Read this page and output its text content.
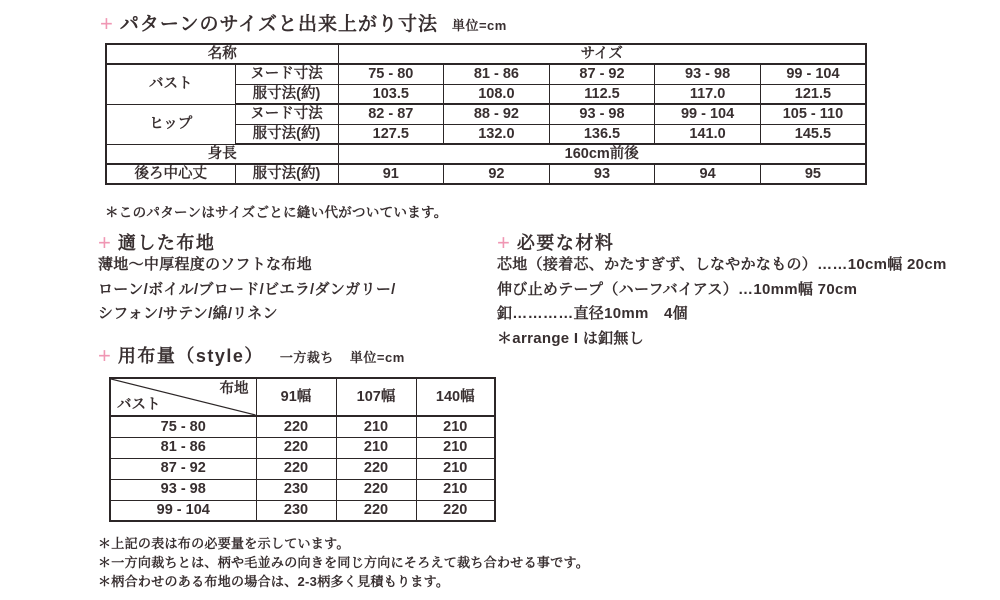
+ パターンのサイズと出来上がり寸法 単位=cm
名称		サイズ				
バスト	ヌード寸法	75 - 80	81 - 86	87 - 92	93 - 98	99 - 104
	服寸法(約)	103.5	108.0	112.5	117.0	121.5
ヒップ	ヌード寸法	82 - 87	88 - 92	93 - 98	99 - 104	105 - 110
	服寸法(約)	127.5	132.0	136.5	141.0	145.5
身長		160cm前後				
後ろ中心丈	服寸法(約)	91	92	93	94	95
＊このパターンはサイズごとに縫い代がついています。
+ 適した布地
薄地〜中厚程度のソフトな布地
ローン/ボイル/ブロード/ビエラ/ダンガリー/
シフォン/サテン/綿/リネン
+ 必要な材料
芯地（接着芯、かたすぎず、しなやかなもの）……10cm幅 20cm
伸び止めテープ（ハーフバイアス）…10mm幅 70cm
釦…………直径10mm　4個
＊arrange I は釦無し
+ 用布量（style） 一方裁ち 単位=cm
布地
バスト	91幅	107幅	140幅
75 - 80	220	210	210
81 - 86	220	210	210
87 - 92	220	220	210
93 - 98	230	220	210
99 - 104	230	220	220
＊上記の表は布の必要量を示しています。
＊一方向裁ちとは、柄や毛並みの向きを同じ方向にそろえて裁ち合わせる事です。
＊柄合わせのある布地の場合は、2-3柄多く見積もります。
